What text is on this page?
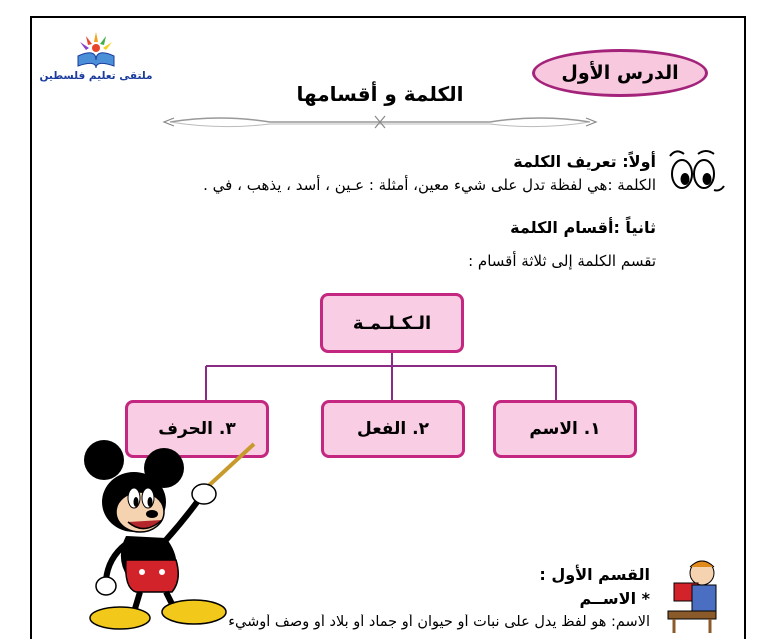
ملتقى تعليم فلسطين	الدرس الأول
الكلمة و أقسامها
أولاً: تعريف الكلمة
الكلمة :هي لفظة تدل على شيء معين، أمثلة : عـين ، أسد ، يذهب ، في .
ثانياً :أقسام الكلمة
تقسم الكلمة إلى ثلاثة أقسام :
الـكـلـمـة
١. الاسم
٢. الفعل
٣. الحرف
القسم الأول :
* الاســم
الاسم: هو لفظ يدل على نبات أو حيوان أو جماد أو بلاد أو وصف أوشيء
